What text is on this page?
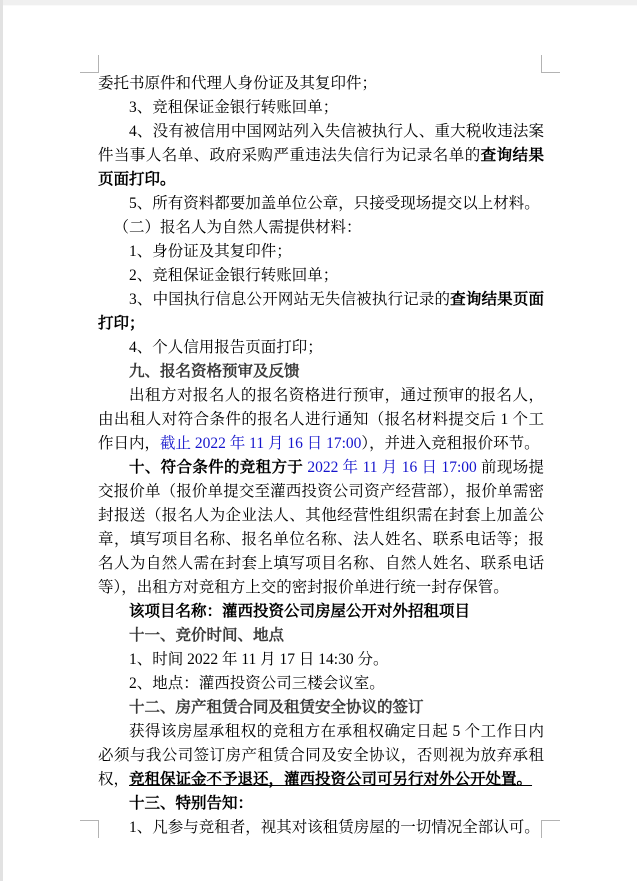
委托书原件和代理人身份证及其复印件；

3、竞租保证金银行转账回单；

4、没有被信用中国网站列入失信被执行人、重大税收违法案件当事人名单、政府采购严重违法失信行为记录名单的查询结果页面打印。

5、所有资料都要加盖单位公章，只接受现场提交以上材料。

（二）报名人为自然人需提供材料：

1、身份证及其复印件；

2、竞租保证金银行转账回单；

3、中国执行信息公开网站无失信被执行记录的查询结果页面打印；

4、个人信用报告页面打印；

九、报名资格预审及反馈

出租方对报名人的报名资格进行预审，通过预审的报名人，由出租人对符合条件的报名人进行通知（报名材料提交后 1 个工作日内，截止 2022 年 11 月 16 日 17:00），并进入竞租报价环节。

十、符合条件的竞租方于 2022 年 11 月 16 日 17:00 前现场提交报价单（报价单提交至灌西投资公司资产经营部），报价单需密封报送（报名人为企业法人、其他经营性组织需在封套上加盖公章，填写项目名称、报名单位名称、法人姓名、联系电话等；报名人为自然人需在封套上填写项目名称、自然人姓名、联系电话等），出租方对竞租方上交的密封报价单进行统一封存保管。

该项目名称：灌西投资公司房屋公开对外招租项目

十一、竞价时间、地点

1、时间 2022 年 11 月 17 日 14:30 分。

2、地点：灌西投资公司三楼会议室。

十二、房产租赁合同及租赁安全协议的签订

获得该房屋承租权的竞租方在承租权确定日起 5 个工作日内必须与我公司签订房产租赁合同及安全协议，否则视为放弃承租权，竞租保证金不予退还，灌西投资公司可另行对外公开处置。

十三、特别告知：

1、凡参与竞租者，视其对该租赁房屋的一切情况全部认可。
